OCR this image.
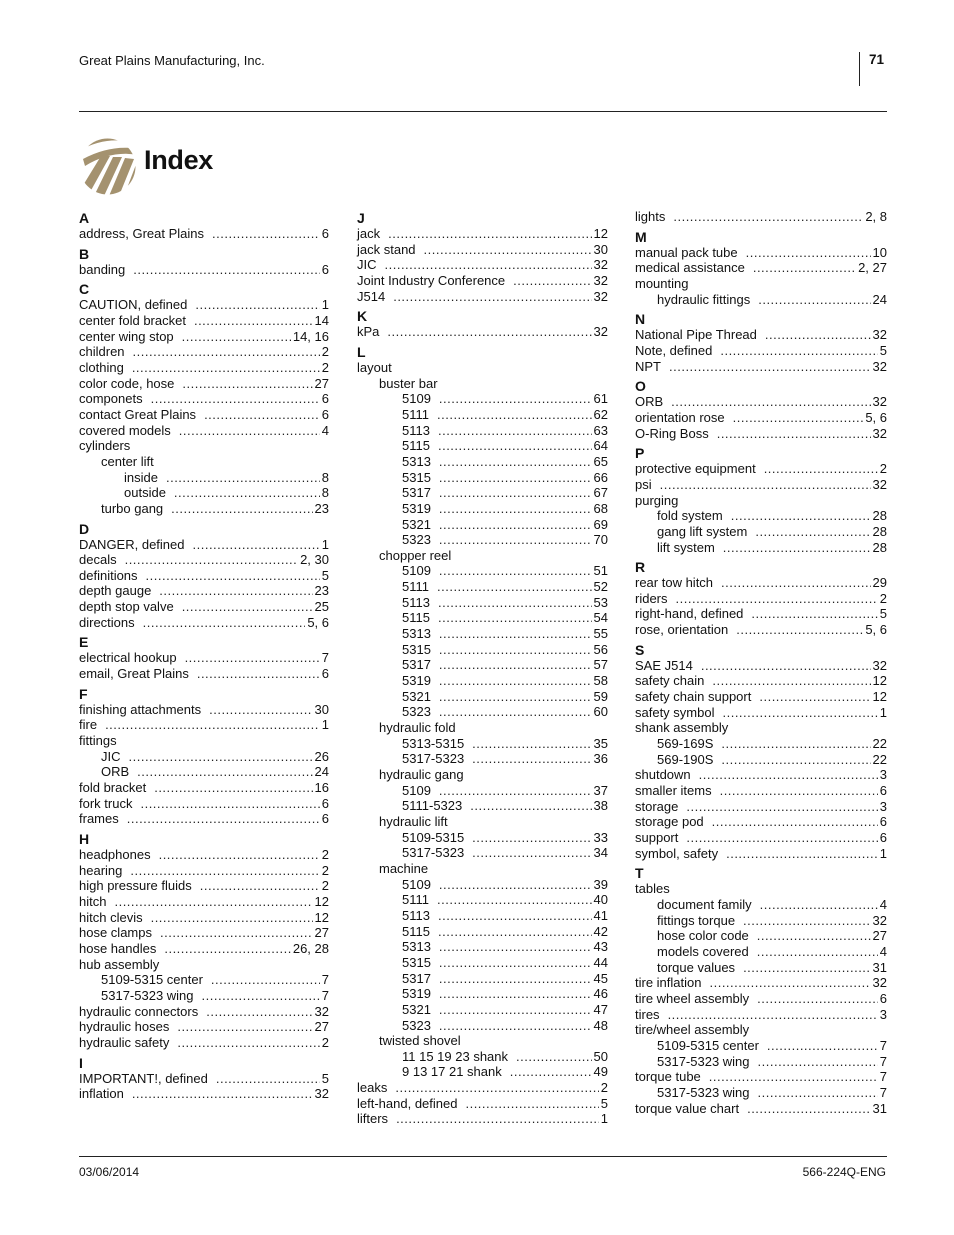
Great Plains Manufacturing, Inc.	71
Index
A
address, Great Plains .....	6
B
banding .....	6
C
CAUTION, defined .....	1
center fold bracket .....	14
center wing stop .....	14, 16
children .....	2
clothing .....	2
color code, hose .....	27
componets .....	6
contact Great Plains .....	6
covered models .....	4
cylinders
center lift
inside .....	8
outside .....	8
turbo gang .....	23
D
DANGER, defined .....	1
decals .....	2, 30
definitions .....	5
depth gauge .....	23
depth stop valve .....	25
directions .....	5, 6
E
electrical hookup .....	7
email, Great Plains .....	6
F
finishing attachments .....	30
fire .....	1
fittings
JIC .....	26
ORB .....	24
fold bracket .....	16
fork truck .....	6
frames .....	6
H
headphones .....	2
hearing .....	2
high pressure fluids .....	2
hitch .....	12
hitch clevis .....	12
hose clamps .....	27
hose handles .....	26, 28
hub assembly
5109-5315 center .....	7
5317-5323 wing .....	7
hydraulic connectors .....	32
hydraulic hoses .....	27
hydraulic safety .....	2
I
IMPORTANT!, defined .....	5
inflation .....	32
J
jack .....	12
jack stand .....	30
JIC .....	32
Joint Industry Conference .....	32
J514 .....	32
K
kPa .....	32
L
layout
buster bar
5109 .....	61
5111 .....	62
5113 .....	63
5115 .....	64
5313 .....	65
5315 .....	66
5317 .....	67
5319 .....	68
5321 .....	69
5323 .....	70
chopper reel
5109 .....	51
5111 .....	52
5113 .....	53
5115 .....	54
5313 .....	55
5315 .....	56
5317 .....	57
5319 .....	58
5321 .....	59
5323 .....	60
hydraulic fold
5313-5315 .....	35
5317-5323 .....	36
hydraulic gang
5109 .....	37
5111-5323 .....	38
hydraulic lift
5109-5315 .....	33
5317-5323 .....	34
machine
5109 .....	39
5111 .....	40
5113 .....	41
5115 .....	42
5313 .....	43
5315 .....	44
5317 .....	45
5319 .....	46
5321 .....	47
5323 .....	48
twisted shovel
11 15 19 23 shank .....	50
9 13 17 21 shank .....	49
leaks .....	2
left-hand, defined .....	5
lifters .....	1
lights .....	2, 8
M
manual pack tube .....	10
medical assistance .....	2, 27
mounting
hydraulic fittings .....	24
N
National Pipe Thread .....	32
Note, defined .....	5
NPT .....	32
O
ORB .....	32
orientation rose .....	5, 6
O-Ring Boss .....	32
P
protective equipment .....	2
psi .....	32
purging
fold system .....	28
gang lift system .....	28
lift system .....	28
R
rear tow hitch .....	29
riders .....	2
right-hand, defined .....	5
rose, orientation .....	5, 6
S
SAE J514 .....	32
safety chain .....	12
safety chain support .....	12
safety symbol .....	1
shank assembly
569-169S .....	22
569-190S .....	22
shutdown .....	3
smaller items .....	6
storage .....	3
storage pod .....	6
support .....	6
symbol, safety .....	1
T
tables
document family .....	4
fittings torque .....	32
hose color code .....	27
models covered .....	4
torque values .....	31
tire inflation .....	32
tire wheel assembly .....	6
tires .....	3
tire/wheel assembly
5109-5315 center .....	7
5317-5323 wing .....	7
torque tube .....	7
5317-5323 wing .....	7
torque value chart .....	31
03/06/2014	566-224Q-ENG
